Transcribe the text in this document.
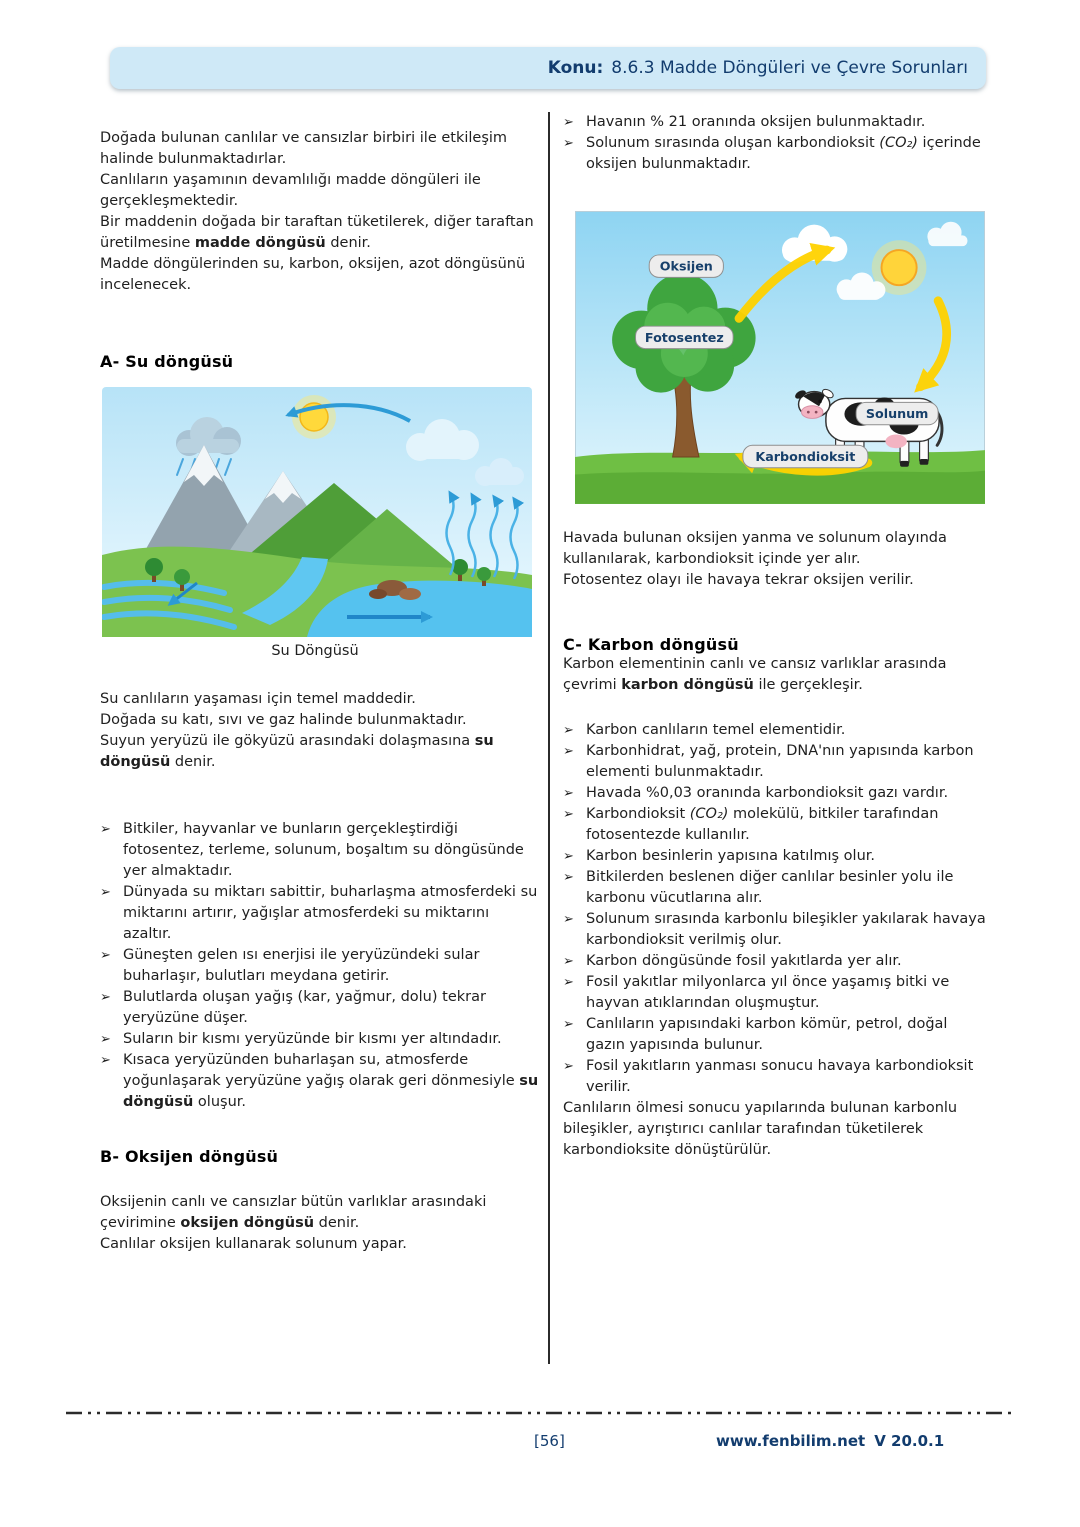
Konu: 8.6.3 Madde Döngüleri ve Çevre Sorunları

Doğada bulunan canlılar ve cansızlar birbiri ile etkileşim halinde bulunmaktadırlar.

Canlıların yaşamının devamlılığı madde döngüleri ile gerçekleşmektedir.

Bir maddenin doğada bir taraftan tüketilerek, diğer taraftan üretilmesine madde döngüsü denir.

Madde döngülerinden su, karbon, oksijen, azot döngüsünü incelenecek.

A- Su döngüsü
Su Döngüsü

Su canlıların yaşaması için temel maddedir.

Doğada su katı, sıvı ve gaz halinde bulunmaktadır.

Suyun yeryüzü ile gökyüzü arasındaki dolaşmasına su döngüsü denir.

➢ Bitkiler, hayvanlar ve bunların gerçekleştirdiği fotosentez, terleme, solunum, boşaltım su döngüsünde yer almaktadır.
➢ Dünyada su miktarı sabittir, buharlaşma atmosferdeki su miktarını artırır, yağışlar atmosferdeki su miktarını azaltır.
➢ Güneşten gelen ısı enerjisi ile yeryüzündeki sular buharlaşır, bulutları meydana getirir.
➢ Bulutlarda oluşan yağış (kar, yağmur, dolu) tekrar yeryüzüne düşer.
➢ Suların bir kısmı yeryüzünde bir kısmı yer altındadır.
➢ Kısaca yeryüzünden buharlaşan su, atmosferde yoğunlaşarak yeryüzüne yağış olarak geri dönmesiyle su döngüsü oluşur.
B- Oksijen döngüsü

Oksijenin canlı ve cansızlar bütün varlıklar arasındaki çevirimine oksijen döngüsü denir.

Canlılar oksijen kullanarak solunum yapar.

➢ Havanın % 21 oranında oksijen bulunmaktadır.
➢ Solunum sırasında oluşan karbondioksit (CO₂) içerinde oksijen bulunmaktadır.
Oksijen
Fotosentez
Solunum
Karbondioksit

Havada bulunan oksijen yanma ve solunum olayında kullanılarak, karbondioksit içinde yer alır.

Fotosentez olayı ile havaya tekrar oksijen verilir.

C- Karbon döngüsü

Karbon elementinin canlı ve cansız varlıklar arasında çevrimi karbon döngüsü ile gerçekleşir.

➢ Karbon canlıların temel elementidir.
➢ Karbonhidrat, yağ, protein, DNA'nın yapısında karbon elementi bulunmaktadır.
➢ Havada %0,03 oranında karbondioksit gazı vardır.
➢ Karbondioksit (CO₂) molekülü, bitkiler tarafından fotosentezde kullanılır.
➢ Karbon besinlerin yapısına katılmış olur.
➢ Bitkilerden beslenen diğer canlılar besinler yolu ile karbonu vücutlarına alır.
➢ Solunum sırasında karbonlu bileşikler yakılarak havaya karbondioksit verilmiş olur.
➢ Karbon döngüsünde fosil yakıtlarda yer alır.
➢ Fosil yakıtlar milyonlarca yıl önce yaşamış bitki ve hayvan atıklarından oluşmuştur.
➢ Canlıların yapısındaki karbon kömür, petrol, doğal gazın yapısında bulunur.
➢ Fosil yakıtların yanması sonucu havaya karbondioksit verilir.

Canlıların ölmesi sonucu yapılarında bulunan karbonlu bileşikler, ayrıştırıcı canlılar tarafından tüketilerek karbondioksite dönüştürülür.

[56]	www.fenbilim.net V 20.0.1
